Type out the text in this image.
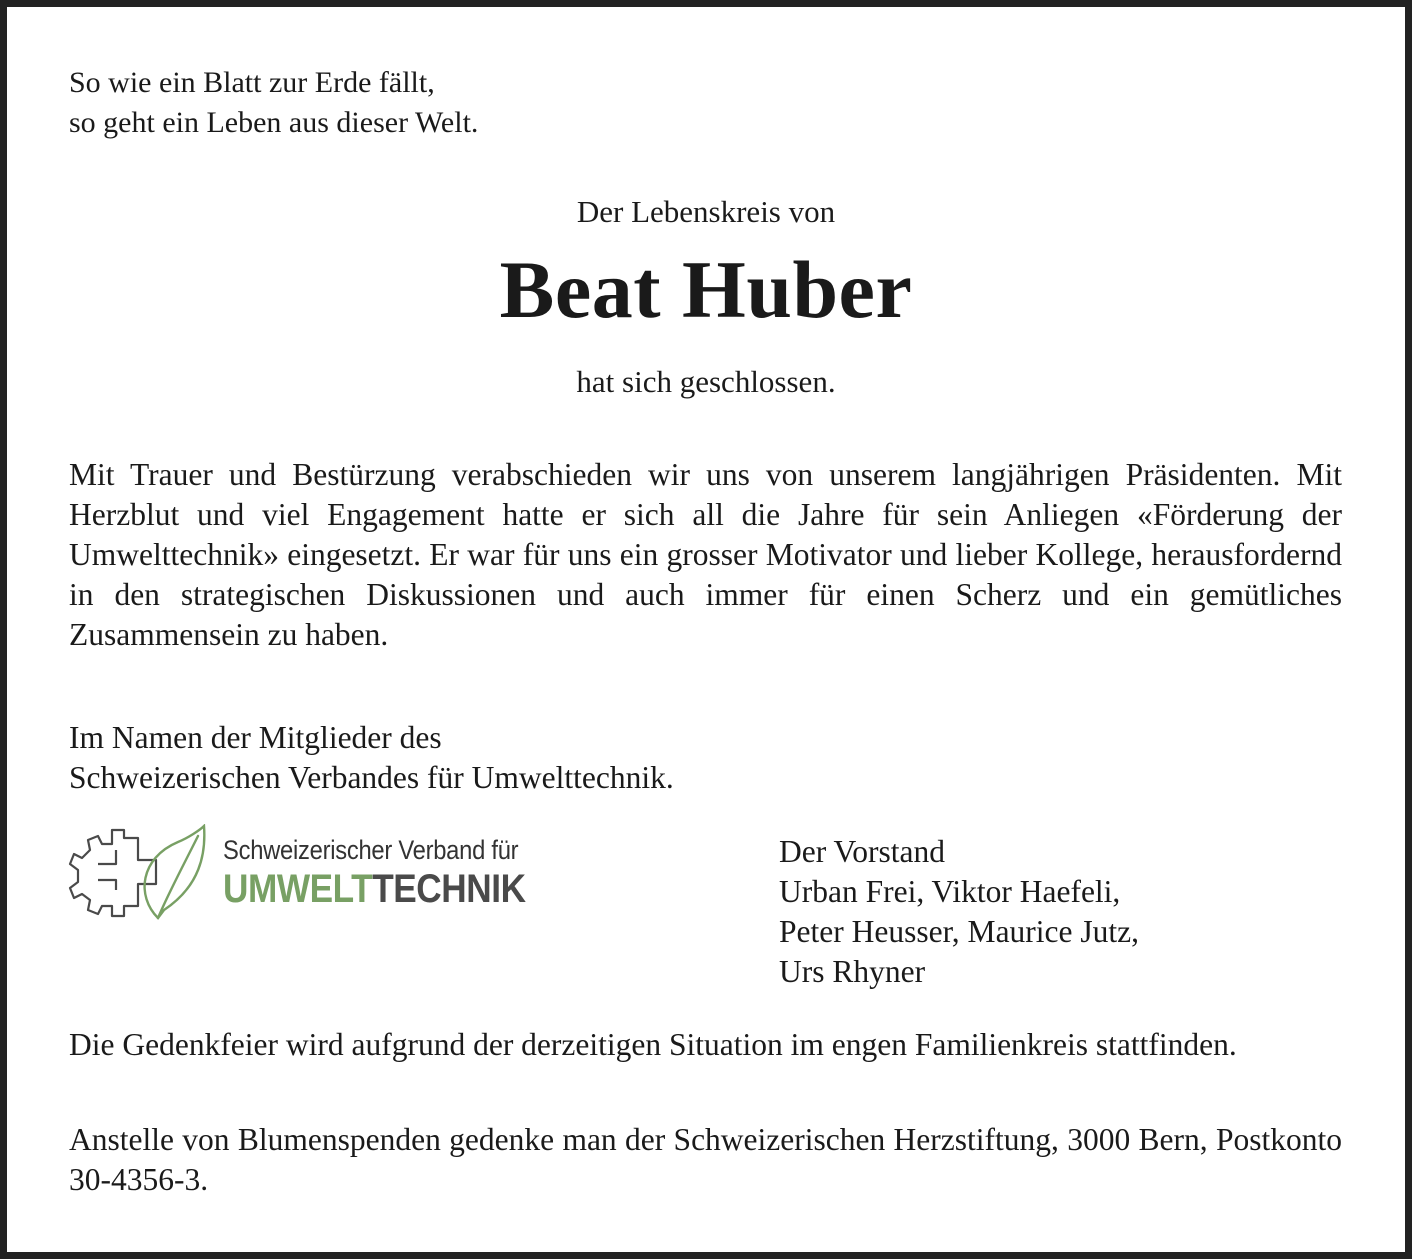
So wie ein Blatt zur Erde fällt,
so geht ein Leben aus dieser Welt.
Der Lebenskreis von
Beat Huber
hat sich geschlossen.

Mit Trauer und Bestürzung verabschieden wir uns von unserem langjährigen Präsidenten. Mit Herzblut und viel Engagement hatte er sich all die Jahre für sein Anliegen «Förderung der Umwelttechnik» eingesetzt. Er war für uns ein grosser Motivator und lieber Kollege, herausfordernd in den strategischen Diskussionen und auch immer für einen Scherz und ein gemütliches Zusammensein zu haben.

Im Namen der Mitglieder des
Schweizerischen Verbandes für Umwelttechnik.
Schweizerischer Verband für
UMWELTTECHNIK
Der Vorstand
Urban Frei, Viktor Haefeli,
Peter Heusser, Maurice Jutz,
Urs Rhyner

Die Gedenkfeier wird aufgrund der derzeitigen Situation im engen Familienkreis stattfinden.

Anstelle von Blumenspenden gedenke man der Schweizerischen Herzstiftung, 3000 Bern, Postkonto 30-4356-3.
